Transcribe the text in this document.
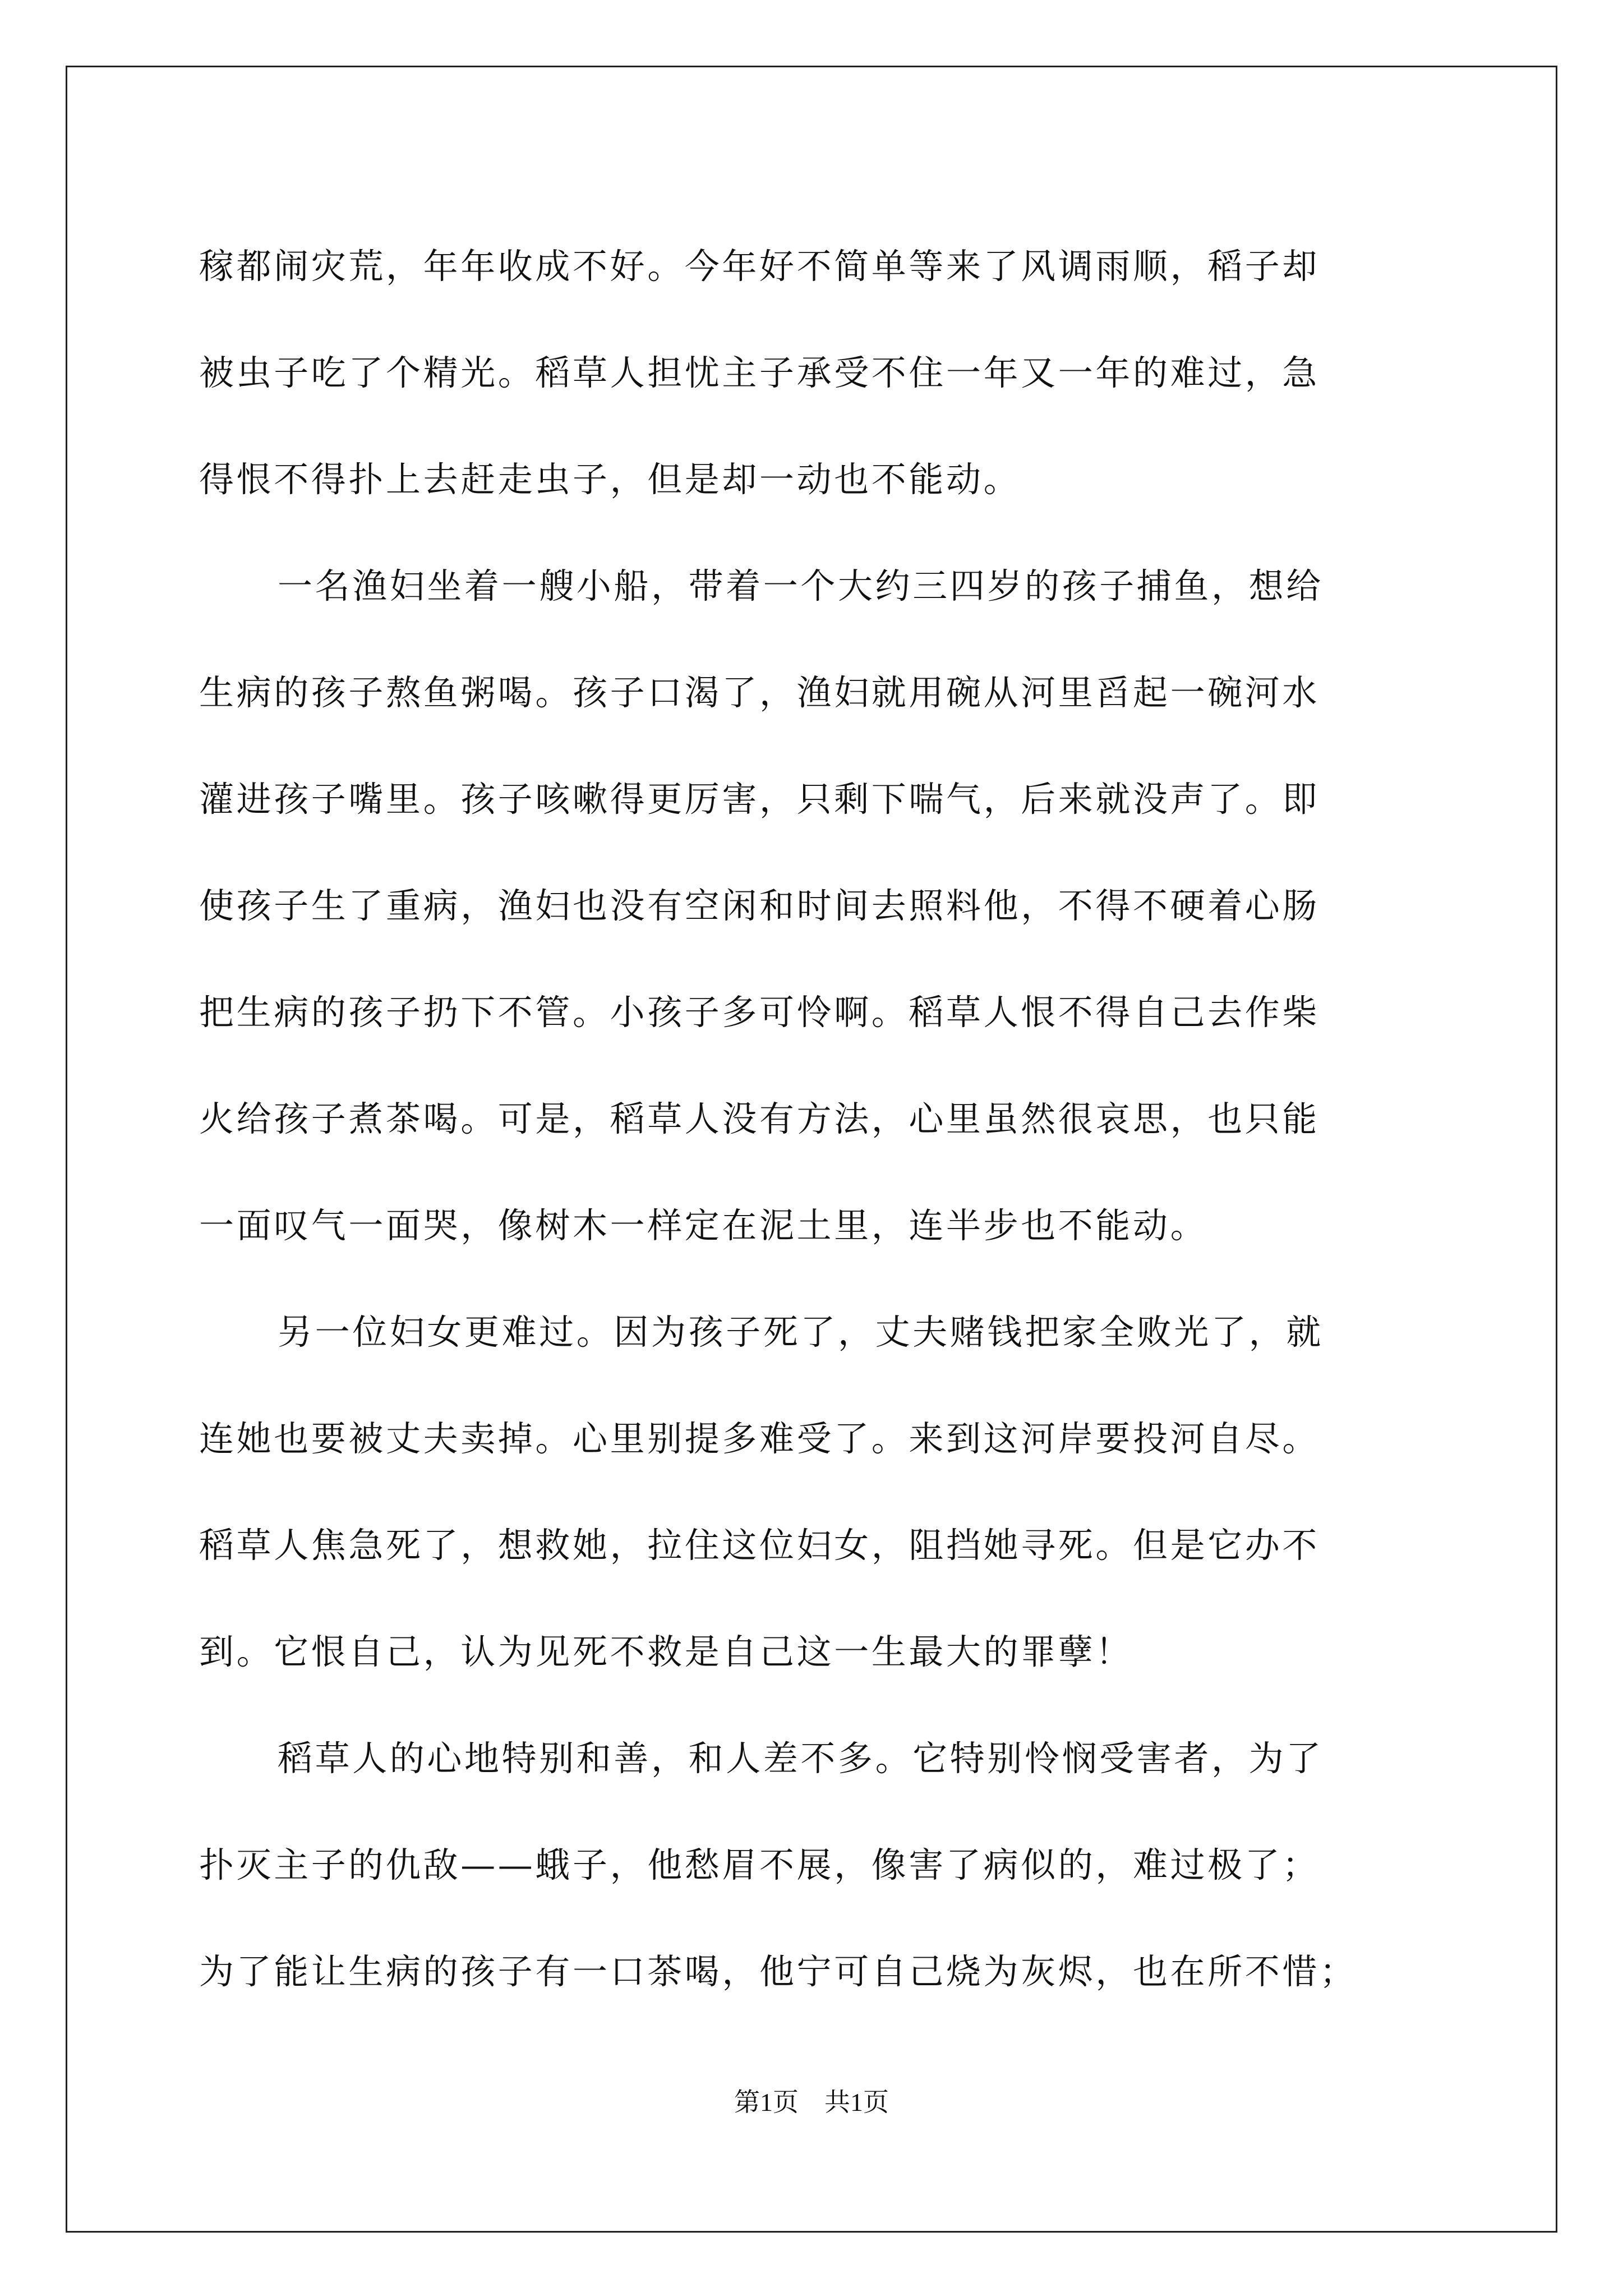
稼都闹灾荒，年年收成不好。今年好不简单等来了风调雨顺，稻子却
被虫子吃了个精光。稻草人担忧主子承受不住一年又一年的难过，急
得恨不得扑上去赶走虫子，但是却一动也不能动。
一名渔妇坐着一艘小船，带着一个大约三四岁的孩子捕鱼，想给
生病的孩子熬鱼粥喝。孩子口渴了，渔妇就用碗从河里舀起一碗河水
灌进孩子嘴里。孩子咳嗽得更厉害，只剩下喘气，后来就没声了。即
使孩子生了重病，渔妇也没有空闲和时间去照料他，不得不硬着心肠
把生病的孩子扔下不管。小孩子多可怜啊。稻草人恨不得自己去作柴
火给孩子煮茶喝。可是，稻草人没有方法，心里虽然很哀思，也只能
一面叹气一面哭，像树木一样定在泥土里，连半步也不能动。
另一位妇女更难过。因为孩子死了，丈夫赌钱把家全败光了，就
连她也要被丈夫卖掉。心里别提多难受了。来到这河岸要投河自尽。
稻草人焦急死了，想救她，拉住这位妇女，阻挡她寻死。但是它办不
到。它恨自己，认为见死不救是自己这一生最大的罪孽！
稻草人的心地特别和善，和人差不多。它特别怜悯受害者，为了
扑灭主子的仇敌——蛾子，他愁眉不展，像害了病似的，难过极了；
为了能让生病的孩子有一口茶喝，他宁可自己烧为灰烬，也在所不惜；
第1页　共1页
